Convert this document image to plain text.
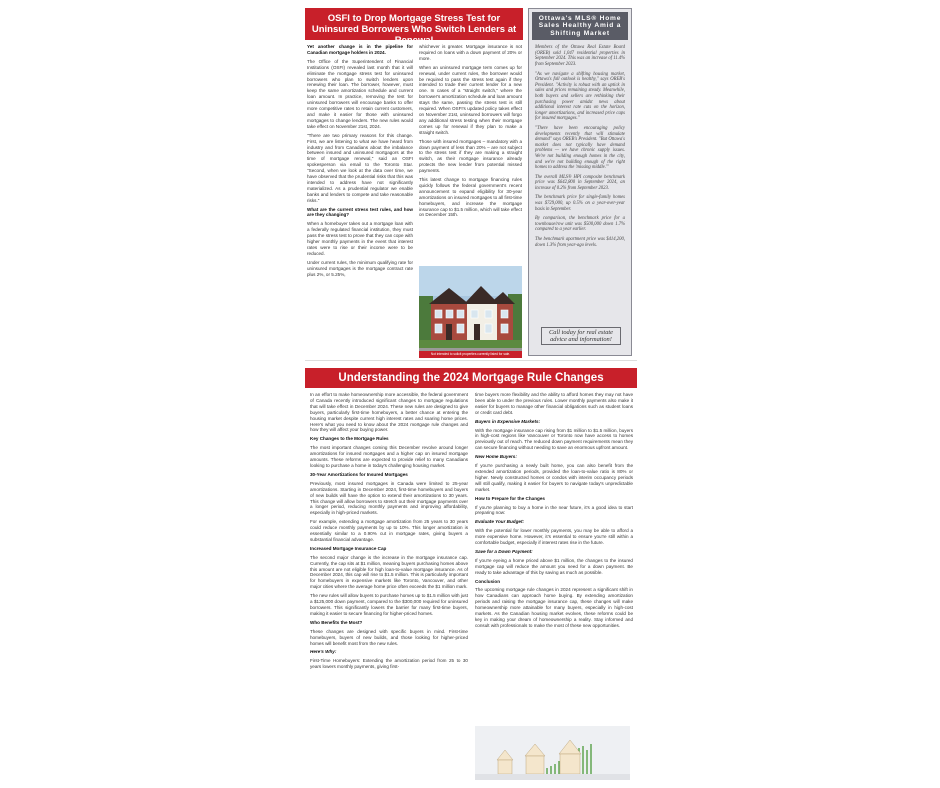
OSFI to Drop Mortgage Stress Test for Uninsured Borrowers Who Switch Lenders at Renewal

Yet another change is in the pipeline for Canadian mortgage holders in 2024.

The Office of the Superintendent of Financial Institutions (OSFI) revealed last month that it will eliminate the mortgage stress test for uninsured borrowers who plan to switch lenders upon renewing their loan. The borrower, however, must keep the same amortization schedule and current loan amount. In practice, removing the test for uninsured borrowers will encourage banks to offer more competitive rates to retain current customers, and make it easier for those with uninsured mortgages to change lenders. The new rules would take effect on November 21st, 2024.

"There are two primary reasons for this change. First, we are listening to what we have heard from industry and from Canadians about the imbalance between insured and uninsured mortgagors at the time of mortgage renewal," said an OSFI spokesperson via email to the Toronto Star. "Second, when we look at the data over time, we have observed that the prudential risks that this was intended to address have not significantly materialized. As a prudential regulator we enable banks and lenders to compete and take reasonable risks."

What are the current stress test rules, and how are they changing?

When a homebuyer takes out a mortgage loan with a federally regulated financial institution, they must pass the stress test to prove that they can cope with higher monthly payments in the event that interest rates were to rise or their income were to be reduced.

Under current rules, the minimum qualifying rate for uninsured mortgages is the mortgage contract rate plus 2%, or 5.25%,

whichever is greater. Mortgage insurance is not required on loans with a down payment of 20% or more.

When an uninsured mortgage term comes up for renewal, under current rules, the borrower would be required to pass the stress test again if they intended to trade their current lender for a new one. In cases of a "straight switch," where the borrower's amortization schedule and loan amount stays the same, passing the stress test is still required. When OSFI's updated policy takes effect on November 21st, uninsured borrowers will forgo any additional stress testing when their mortgage comes up for renewal if they plan to make a straight switch.

Those with insured mortgages – mandatory with a down payment of less than 20% – are not subject to the stress test if they are making a straight switch, as their mortgage insurance already protects the new lender from potential missed payments.

This latest change to mortgage financing rules quickly follows the federal government's recent announcement to expand eligibility for 30-year amortizations on insured mortgages to all first-time homebuyers, and increase the mortgage insurance cap to $1.5 million, which will take effect on December 15th.

Not intended to solicit properties currently listed for sale.
Ottawa's MLS® Home Sales Healthy Amid a Shifting Market

Members of the Ottawa Real Estate Board (OREB) sold 1,047 residential properties in September 2024. This was an increase of 11.4% from September 2023.

"As we navigate a shifting housing market, Ottawa's fall outlook is healthy," says OREB's President. "Activity is robust with an uptick in sales and prices remaining steady. Meanwhile, both buyers and sellers are rethinking their purchasing power amidst news about additional interest rate cuts on the horizon, longer amortizations, and increased price caps for insured mortgages."

"There have been encouraging policy developments recently that will stimulate demand" says OREB's President. "But Ottawa's market does not typically have demand problems — we have chronic supply issues. We're not building enough homes in the city, and we're not building enough of the right homes to address the 'missing middle.'"

The overall MLS® HPI composite benchmark price was $642,800 in September 2024, an increase of 0.2% from September 2023.

The benchmark price for single-family homes was $729,000, up 0.5% on a year-over-year basis in September.

By comparison, the benchmark price for a townhouse/row unit was $500,000 down 1.7% compared to a year earlier.

The benchmark apartment price was $414,200, down 1.3% from year-ago levels.

Call today for real estate advice and information!
Understanding the 2024 Mortgage Rule Changes

In an effort to make homeownership more accessible, the federal government of Canada recently introduced significant changes to mortgage regulations that will take effect in December 2024. These new rules are designed to give buyers, particularly first-time homebuyers, a better chance at entering the housing market despite current high interest rates and soaring home prices. Here's what you need to know about the 2024 mortgage rule changes and how they will affect your buying power.

Key Changes to the Mortgage Rules

The most important changes coming this December revolve around longer amortizations for insured mortgages and a higher cap on insured mortgage amounts. These reforms are expected to provide relief to many Canadians looking to purchase a home in today's challenging housing market.

30-Year Amortizations for Insured Mortgages

Previously, most insured mortgages in Canada were limited to 25-year amortizations. Starting in December 2024, first-time homebuyers and buyers of new builds will have the option to extend their amortizations to 30 years. This change will allow borrowers to stretch out their mortgage payments over a longer period, reducing monthly payments and improving affordability, especially in high-priced markets.

For example, extending a mortgage amortization from 25 years to 30 years could reduce monthly payments by up to 10%. This longer amortization is essentially similar to a 0.90% cut in mortgage rates, giving buyers a substantial financial advantage.

Increased Mortgage Insurance Cap

The second major change is the increase in the mortgage insurance cap. Currently, the cap sits at $1 million, meaning buyers purchasing homes above this amount are not eligible for high loan-to-value mortgage insurance. As of December 2024, this cap will rise to $1.5 million. This is particularly important for homebuyers in expensive markets like Toronto, Vancouver, and other major cities where the average home price often exceeds the $1 million mark.

The new rules will allow buyers to purchase homes up to $1.5 million with just a $125,000 down payment, compared to the $300,000 required for uninsured borrowers. This significantly lowers the barrier for many first-time buyers, making it easier to secure financing for higher-priced homes.

Who Benefits the Most?

These changes are designed with specific buyers in mind. First-time homebuyers, buyers of new builds, and those looking for higher-priced homes will benefit most from the new rules.

Here's Why:

First-Time Homebuyers: Extending the amortization period from 25 to 30 years lowers monthly payments, giving first-

time buyers more flexibility and the ability to afford homes they may not have been able to under the previous rules. Lower monthly payments also make it easier for buyers to manage other financial obligations such as student loans or credit card debt.

Buyers in Expensive Markets:

With the mortgage insurance cap rising from $1 million to $1.5 million, buyers in high-cost regions like Vancouver or Toronto now have access to homes previously out of reach. The reduced down payment requirements mean they can secure financing without needing to save an enormous upfront amount.

New Home Buyers:

If you're purchasing a newly built home, you can also benefit from the extended amortization periods, provided the loan-to-value ratio is 80% or higher. Newly constructed homes or condos with interim occupancy periods will still qualify, making it easier for buyers to navigate today's unpredictable market.

How to Prepare for the Changes

If you're planning to buy a home in the near future, it's a good idea to start preparing now:

Evaluate Your Budget:

With the potential for lower monthly payments, you may be able to afford a more expensive home. However, it's essential to ensure you're still within a comfortable budget, especially if interest rates rise in the future.

Save for a Down Payment:

If you're eyeing a home priced above $1 million, the changes to the insured mortgage cap will reduce the amount you need for a down payment. Be ready to take advantage of this by saving as much as possible.

Conclusion

The upcoming mortgage rule changes in 2024 represent a significant shift in how Canadians can approach home buying. By extending amortization periods and raising the mortgage insurance cap, these changes will make homeownership more attainable for many buyers, especially in high-cost markets. As the Canadian housing market evolves, these reforms could be key in making your dream of homeownership a reality. Stay informed and consult with professionals to make the most of these new opportunities.
